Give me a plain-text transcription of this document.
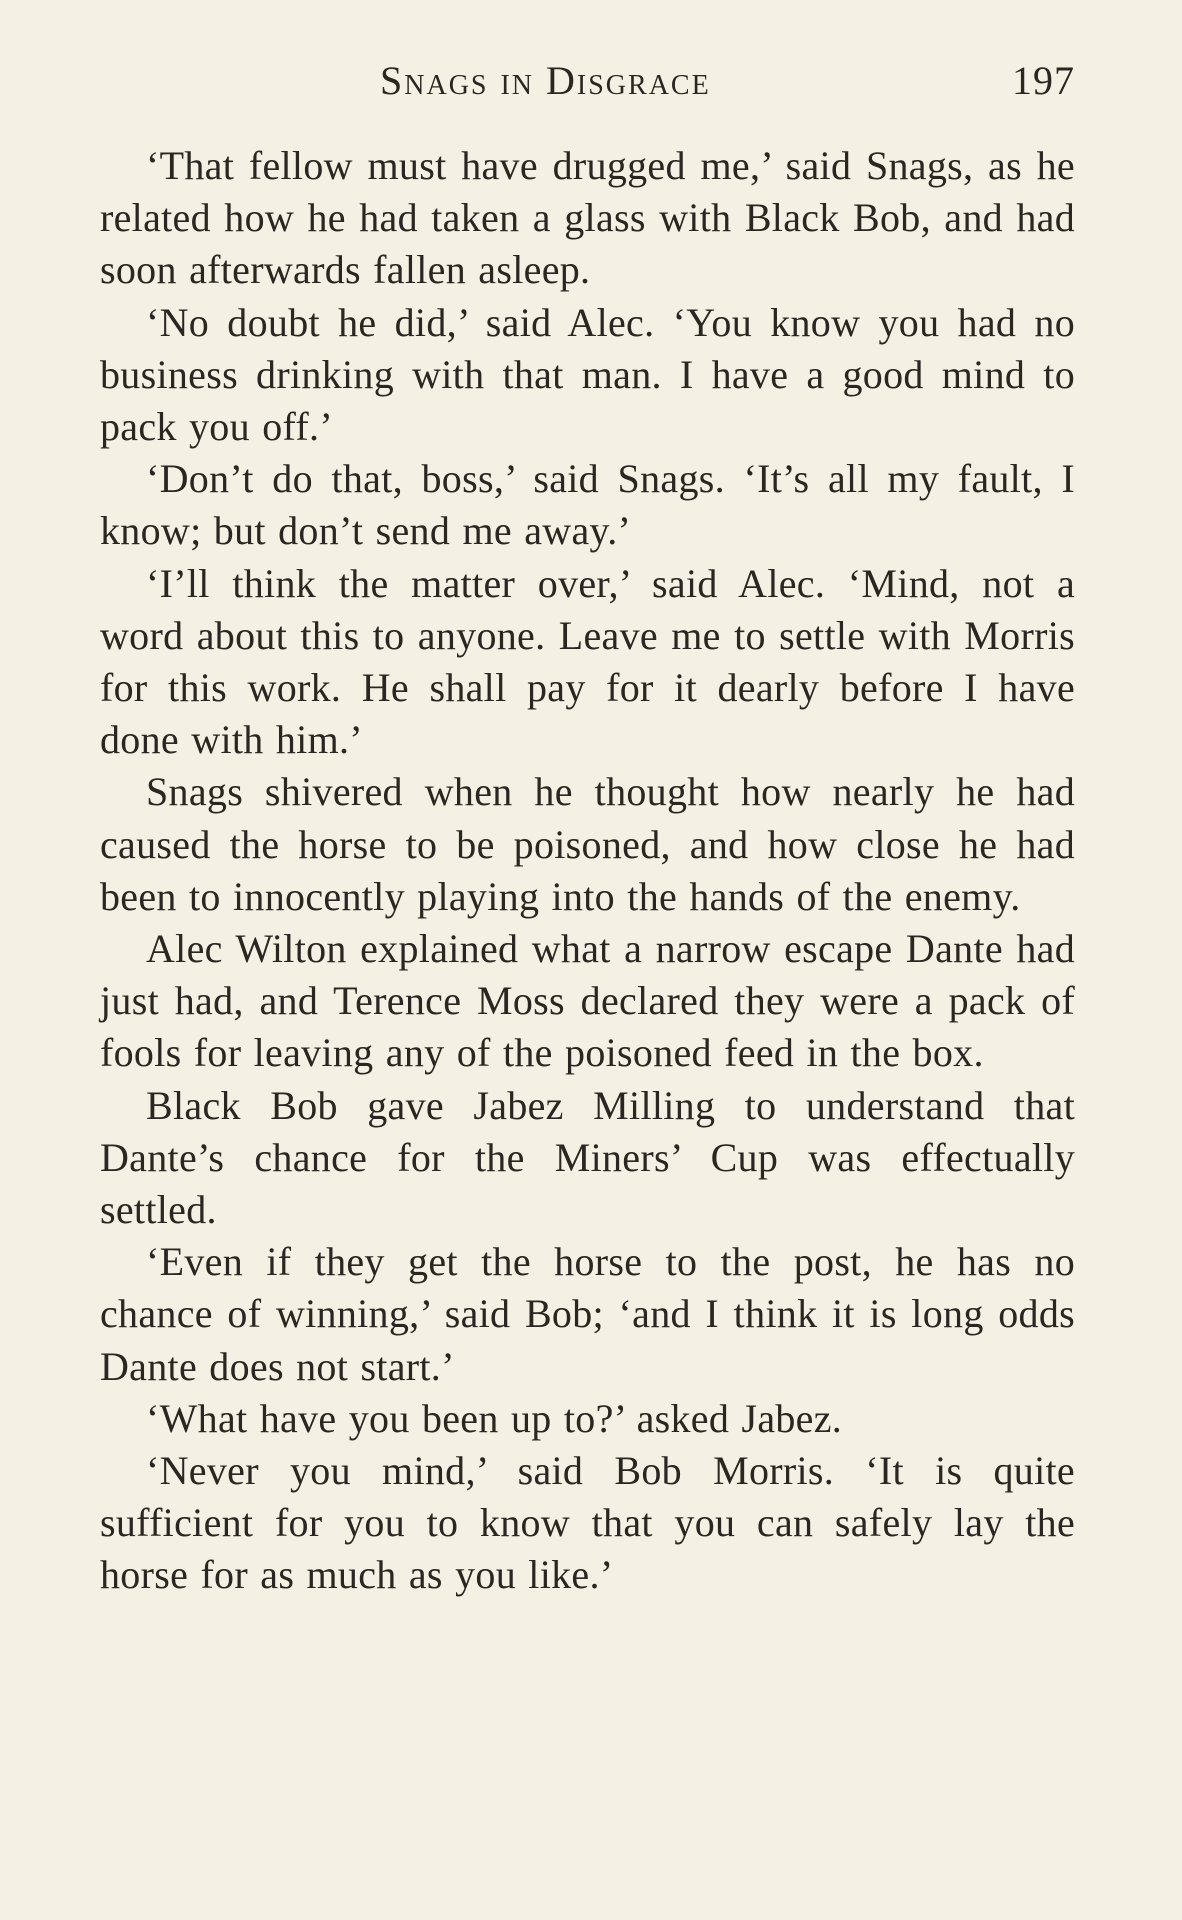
Snags in Disgrace	197

‘That fellow must have drugged me,’ said Snags, as he related how he had taken a glass with Black Bob, and had soon afterwards fallen asleep.

‘No doubt he did,’ said Alec. ‘You know you had no business drinking with that man. I have a good mind to pack you off.’

‘Don’t do that, boss,’ said Snags. ‘It’s all my fault, I know; but don’t send me away.’

‘I’ll think the matter over,’ said Alec. ‘Mind, not a word about this to anyone. Leave me to settle with Morris for this work. He shall pay for it dearly before I have done with him.’

Snags shivered when he thought how nearly he had caused the horse to be poisoned, and how close he had been to innocently playing into the hands of the enemy.

Alec Wilton explained what a narrow escape Dante had just had, and Terence Moss declared they were a pack of fools for leaving any of the poisoned feed in the box.

Black Bob gave Jabez Milling to understand that Dante’s chance for the Miners’ Cup was effectually settled.

‘Even if they get the horse to the post, he has no chance of winning,’ said Bob; ‘and I think it is long odds Dante does not start.’

‘What have you been up to?’ asked Jabez.

‘Never you mind,’ said Bob Morris. ‘It is quite sufficient for you to know that you can safely lay the horse for as much as you like.’
